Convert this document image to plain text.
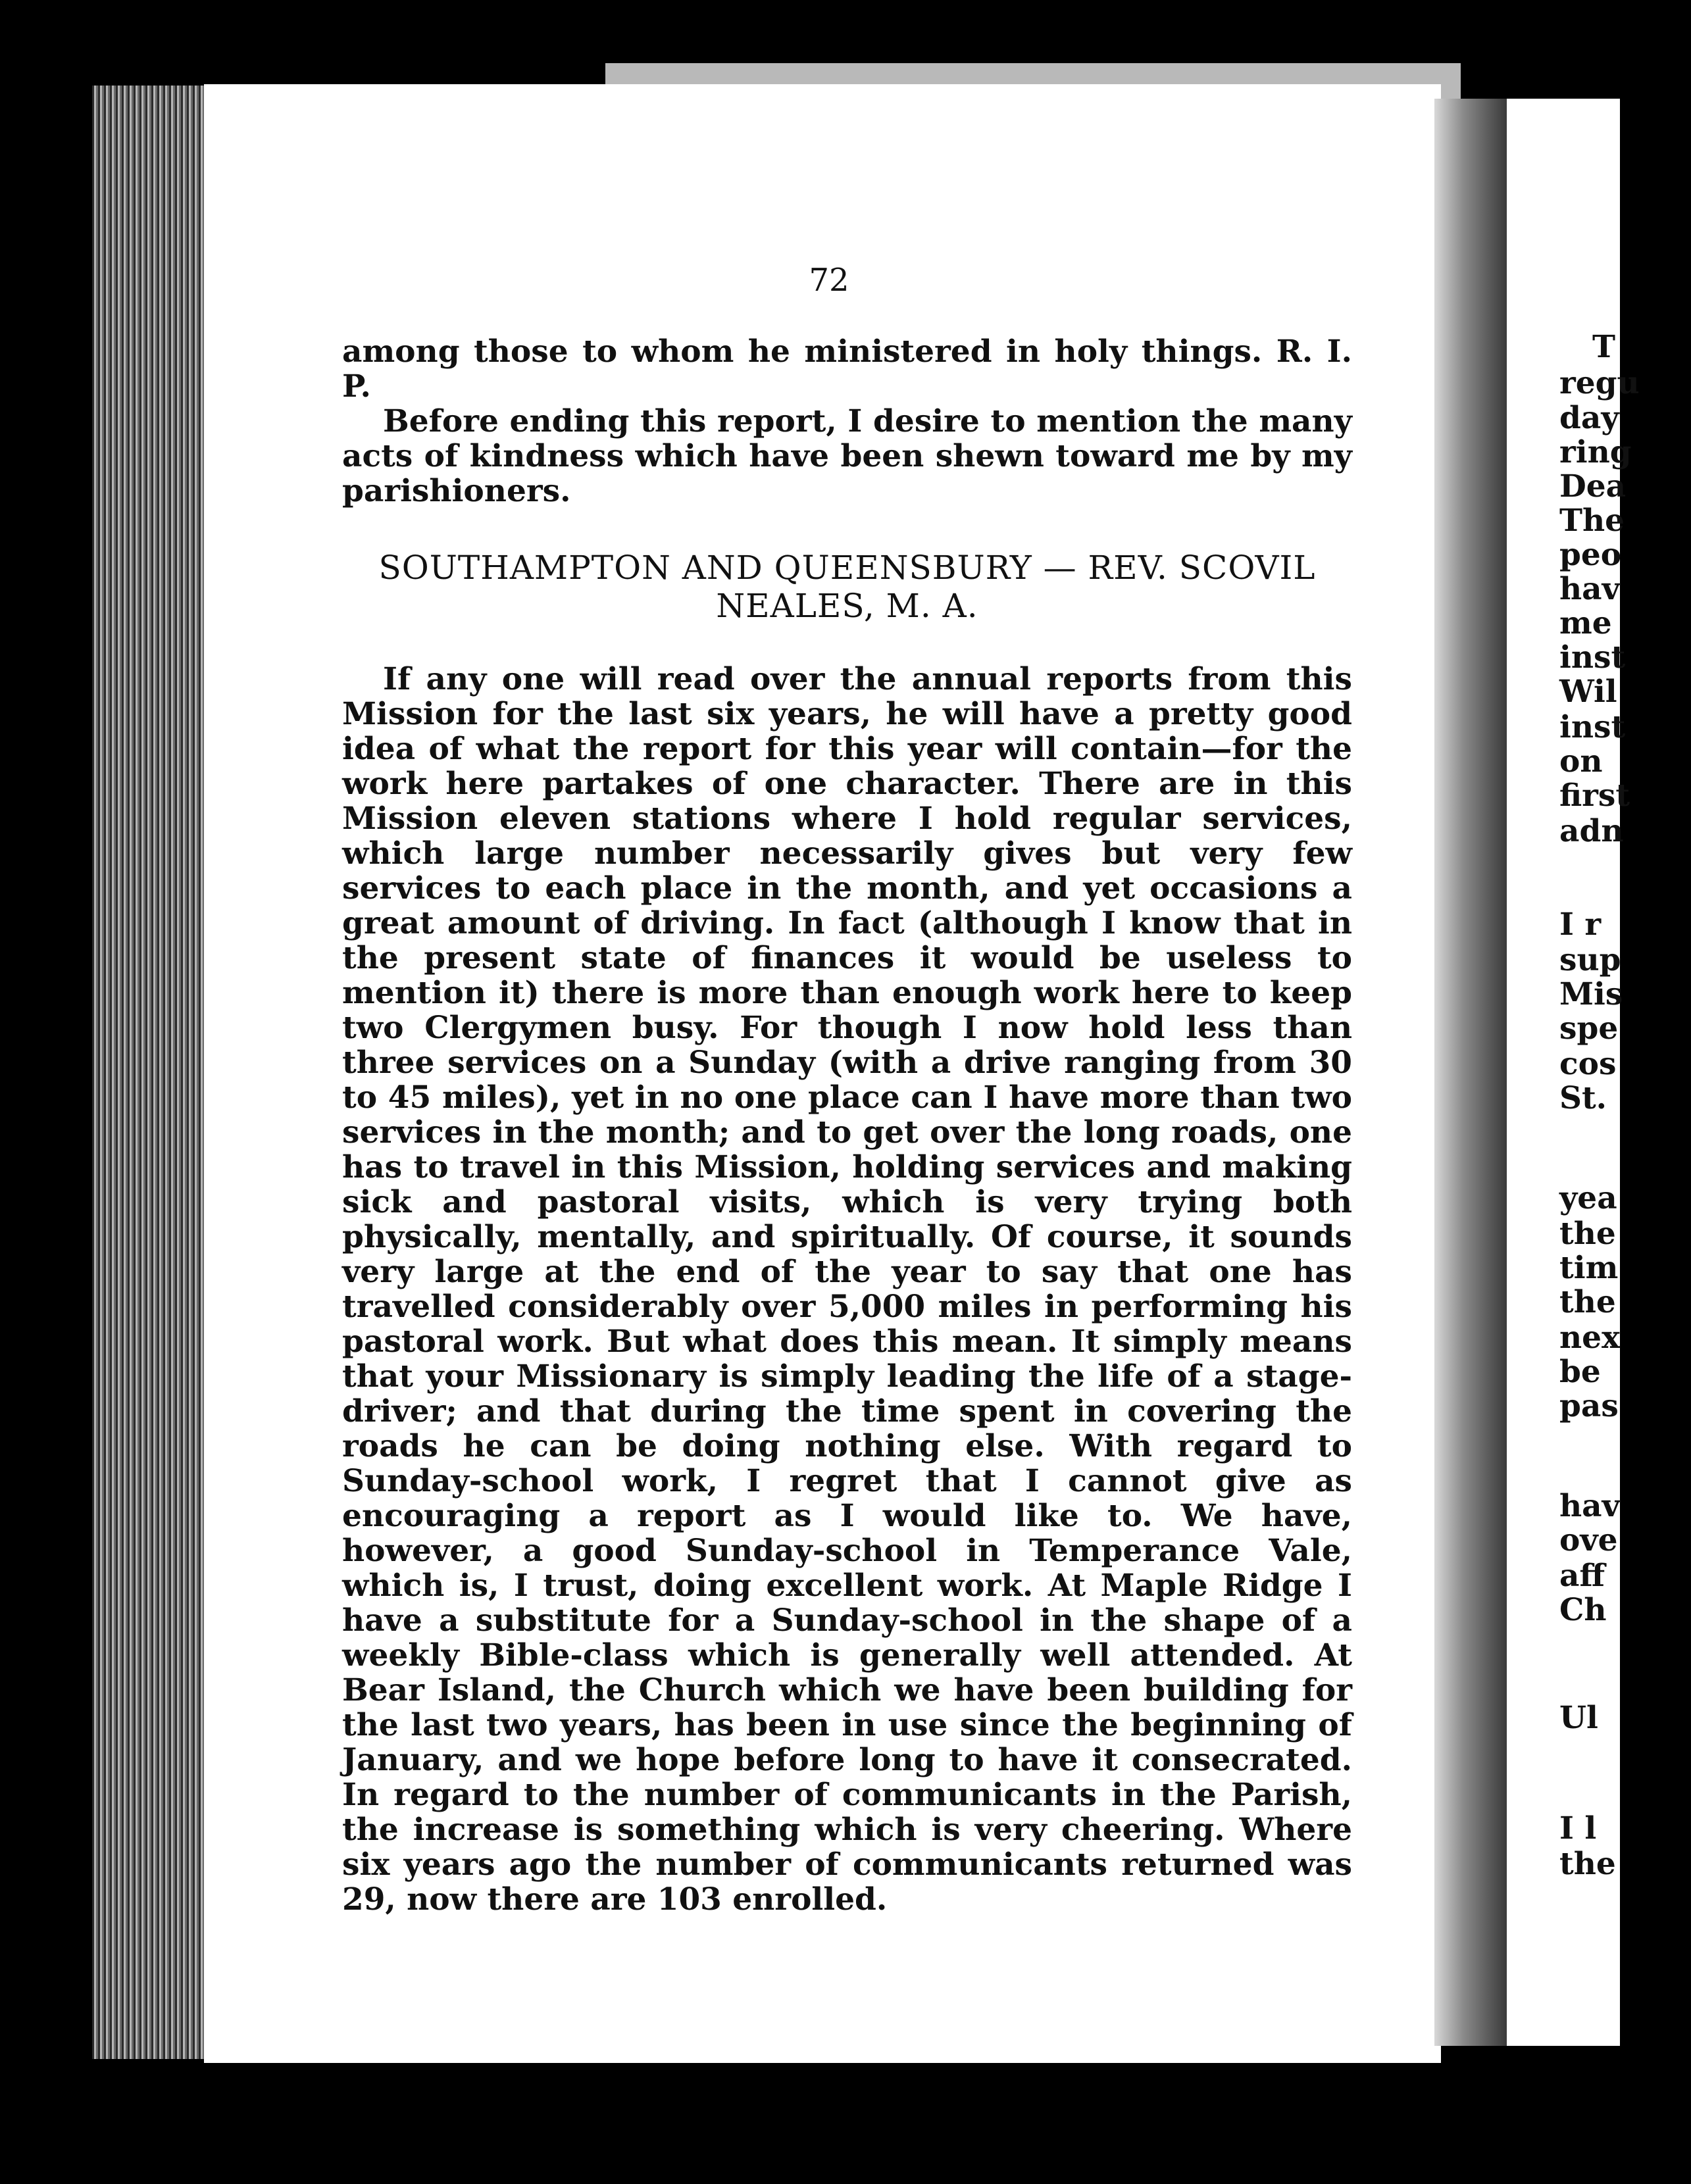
T
regu
day
ring
Dea
The
peo
hav
me
inst
Wil
inst
on
first
adn
I r
sup
Mis
spe
cos
St.
yea
the
tim
the
nex
be
pas
hav
ove
aff
Ch
Ul
I l
the
72

among those to whom he ministered in holy things. R. I. P.

Before ending this report, I desire to mention the many acts of kindness which have been shewn toward me by my parishioners.

SOUTHAMPTON AND QUEENSBURY — REV. SCOVIL
NEALES, M. A.

If any one will read over the annual reports from this Mission for the last six years, he will have a pretty good idea of what the report for this year will contain—for the work here partakes of one character. There are in this Mission eleven stations where I hold regular services, which large number necessarily gives but very few services to each place in the month, and yet occasions a great amount of driving. In fact (although I know that in the present state of finances it would be useless to mention it) there is more than enough work here to keep two Clergymen busy. For though I now hold less than three services on a Sunday (with a drive ranging from 30 to 45 miles), yet in no one place can I have more than two services in the month; and to get over the long roads, one has to travel in this Mission, holding services and making sick and pastoral visits, which is very trying both physically, mentally, and spiritually. Of course, it sounds very large at the end of the year to say that one has travelled considerably over 5,000 miles in performing his pastoral work. But what does this mean. It simply means that your Missionary is simply leading the life of a stage-driver; and that during the time spent in covering the roads he can be doing nothing else. With regard to Sunday-school work, I regret that I cannot give as encouraging a report as I would like to. We have, however, a good Sunday-school in Temperance Vale, which is, I trust, doing excellent work. At Maple Ridge I have a substitute for a Sunday-school in the shape of a weekly Bible-class which is generally well attended. At Bear Island, the Church which we have been building for the last two years, has been in use since the beginning of January, and we hope before long to have it consecrated. In regard to the number of communicants in the Parish, the increase is something which is very cheering. Where six years ago the number of communicants returned was 29, now there are 103 enrolled.
